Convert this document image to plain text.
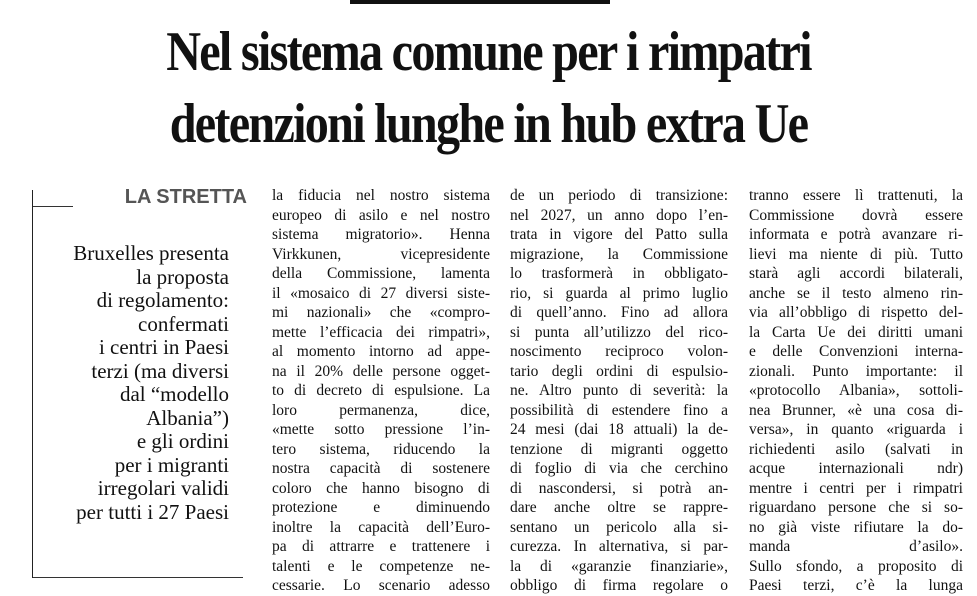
Nel sistema comune per i rimpatri
detenzioni lunghe in hub extra Ue
LA STRETTA
Bruxelles presenta
la proposta
di regolamento:
confermati
i centri in Paesi
terzi (ma diversi
dal “modello
Albania”)
e gli ordini
per i migranti
irregolari validi
per tutti i 27 Paesi
la fiducia nel nostro sistema
europeo di asilo e nel nostro
sistema migratorio». Henna
Virkkunen, vicepresidente
della Commissione, lamenta
il «mosaico di 27 diversi siste-
mi nazionali» che «compro-
mette l’efficacia dei rimpatri»,
al momento intorno ad appe-
na il 20% delle persone ogget-
to di decreto di espulsione. La
loro permanenza, dice,
«mette sotto pressione l’in-
tero sistema, riducendo la
nostra capacità di sostenere
coloro che hanno bisogno di
protezione e diminuendo
inoltre la capacità dell’Euro-
pa di attrarre e trattenere i
talenti e le competenze ne-
cessarie. Lo scenario adesso
de un periodo di transizione:
nel 2027, un anno dopo l’en-
trata in vigore del Patto sulla
migrazione, la Commissione
lo trasformerà in obbligato-
rio, si guarda al primo luglio
di quell’anno. Fino ad allora
si punta all’utilizzo del rico-
noscimento reciproco volon-
tario degli ordini di espulsio-
ne. Altro punto di severità: la
possibilità di estendere fino a
24 mesi (dai 18 attuali) la de-
tenzione di migranti oggetto
di foglio di via che cerchino
di nascondersi, si potrà an-
dare anche oltre se rappre-
sentano un pericolo alla si-
curezza. In alternativa, si par-
la di «garanzie finanziarie»,
obbligo di firma regolare o
tranno essere lì trattenuti, la
Commissione dovrà essere
informata e potrà avanzare ri-
lievi ma niente di più. Tutto
starà agli accordi bilaterali,
anche se il testo almeno rin-
via all’obbligo di rispetto del-
la Carta Ue dei diritti umani
e delle Convenzioni interna-
zionali. Punto importante: il
«protocollo Albania», sottoli-
nea Brunner, «è una cosa di-
versa», in quanto «riguarda i
richiedenti asilo (salvati in
acque internazionali ndr)
mentre i centri per i rimpatri
riguardano persone che si so-
no già viste rifiutare la do-
manda d’asilo».
Sullo sfondo, a proposito di
Paesi terzi, c’è la lunga
